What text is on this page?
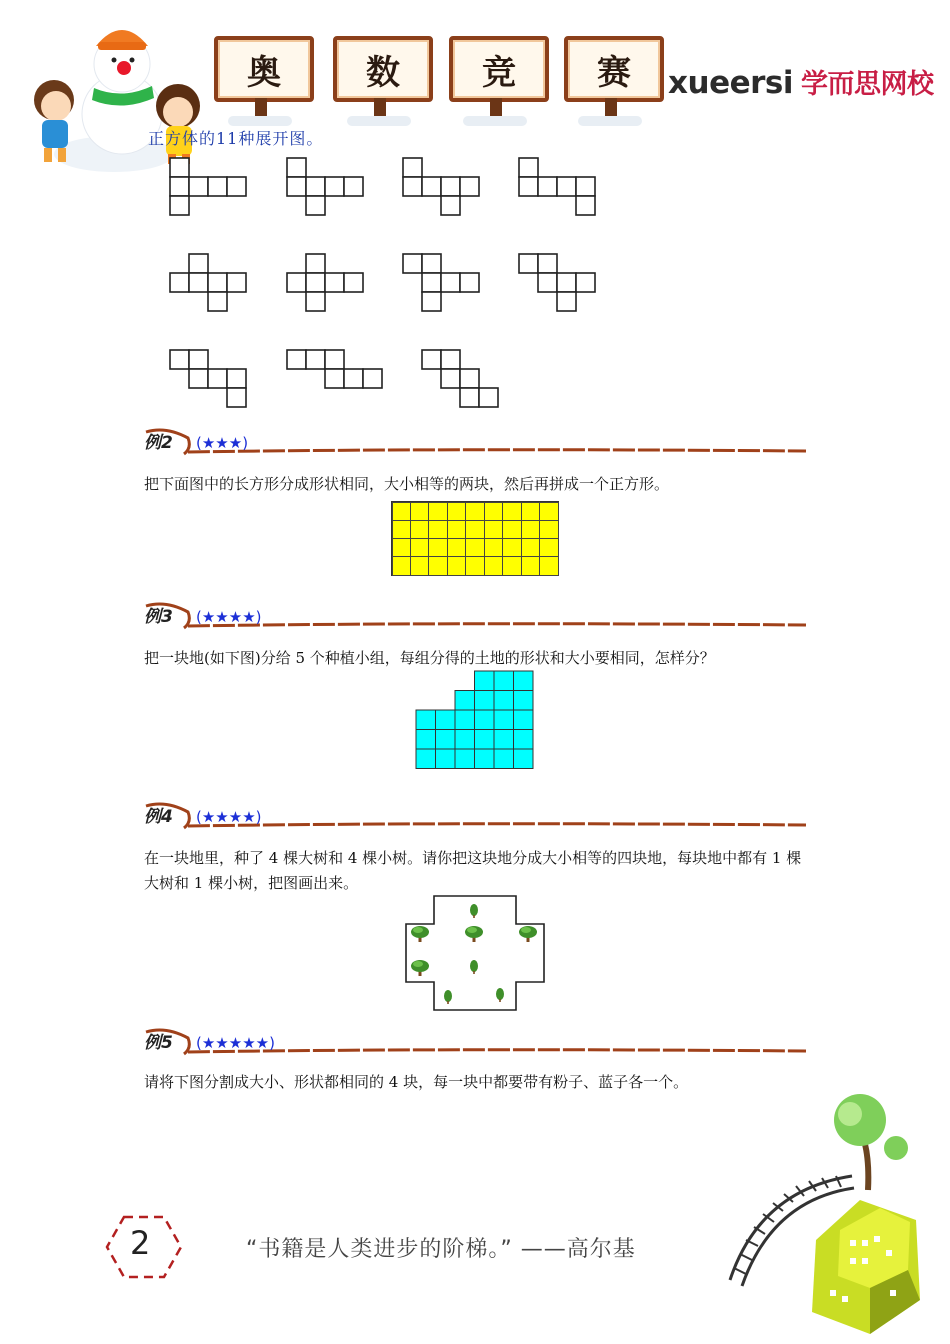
奥	数 竞 赛 xueersi 学而思网校
正方体的11种展开图。
例2 (★★★)
把下面图中的长方形分成形状相同，大小相等的两块，然后再拼成一个正方形。
例3 (★★★★)
把一块地(如下图)分给 5 个种植小组，每组分得的土地的形状和大小要相同，怎样分？
例4 (★★★★)
在一块地里，种了 4 棵大树和 4 棵小树。请你把这块地分成大小相等的四块地，每块地中都有 1 棵大树和 1 棵小树，把图画出来。
例5 (★★★★★)
请将下图分割成大小、形状都相同的 4 块，每一块中都要带有粉子、蓝子各一个。
2	“书籍是人类进步的阶梯。” ——高尔基
